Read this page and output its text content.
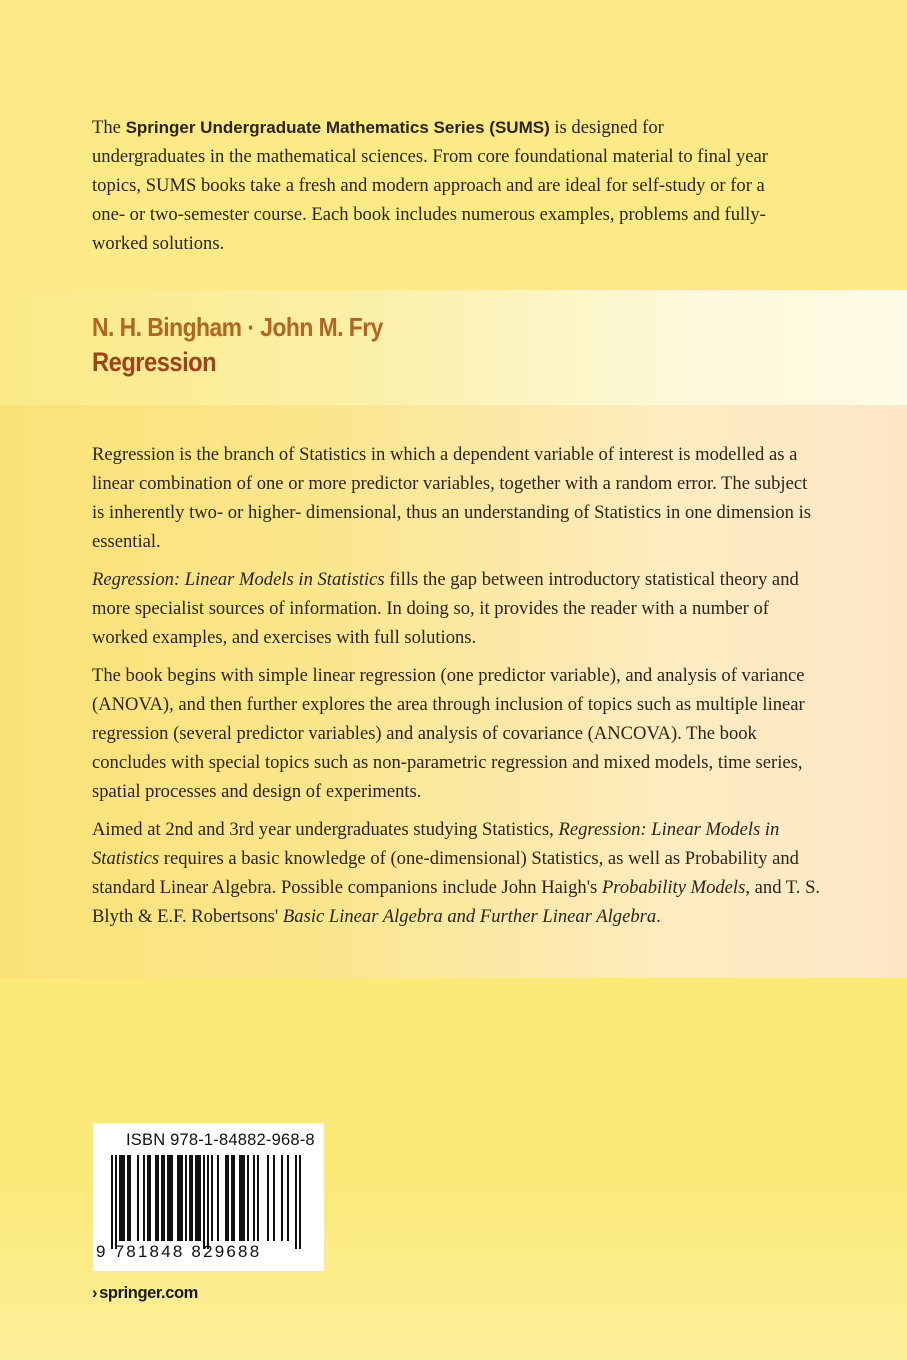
The Springer Undergraduate Mathematics Series (SUMS) is designed for undergraduates in the mathematical sciences. From core foundational material to final year topics, SUMS books take a fresh and modern approach and are ideal for self-study or for a one- or two-semester course. Each book includes numerous examples, problems and fully-worked solutions.

N. H. Bingham · John M. Fry
Regression

Regression is the branch of Statistics in which a dependent variable of interest is modelled as a linear combination of one or more predictor variables, together with a random error. The subject is inherently two- or higher- dimensional, thus an understanding of Statistics in one dimension is essential.

Regression: Linear Models in Statistics fills the gap between introductory statistical theory and more specialist sources of information. In doing so, it provides the reader with a number of worked examples, and exercises with full solutions.

The book begins with simple linear regression (one predictor variable), and analysis of variance (ANOVA), and then further explores the area through inclusion of topics such as multiple linear regression (several predictor variables) and analysis of covariance (ANCOVA). The book concludes with special topics such as non-parametric regression and mixed models, time series, spatial processes and design of experiments.

Aimed at 2nd and 3rd year undergraduates studying Statistics, Regression: Linear Models in Statistics requires a basic knowledge of (one-dimensional) Statistics, as well as Probability and standard Linear Algebra. Possible companions include John Haigh's Probability Models, and T. S. Blyth & E.F. Robertsons' Basic Linear Algebra and Further Linear Algebra.

ISBN 978-1-84882-968-8
9 781848 829688
› springer.com
